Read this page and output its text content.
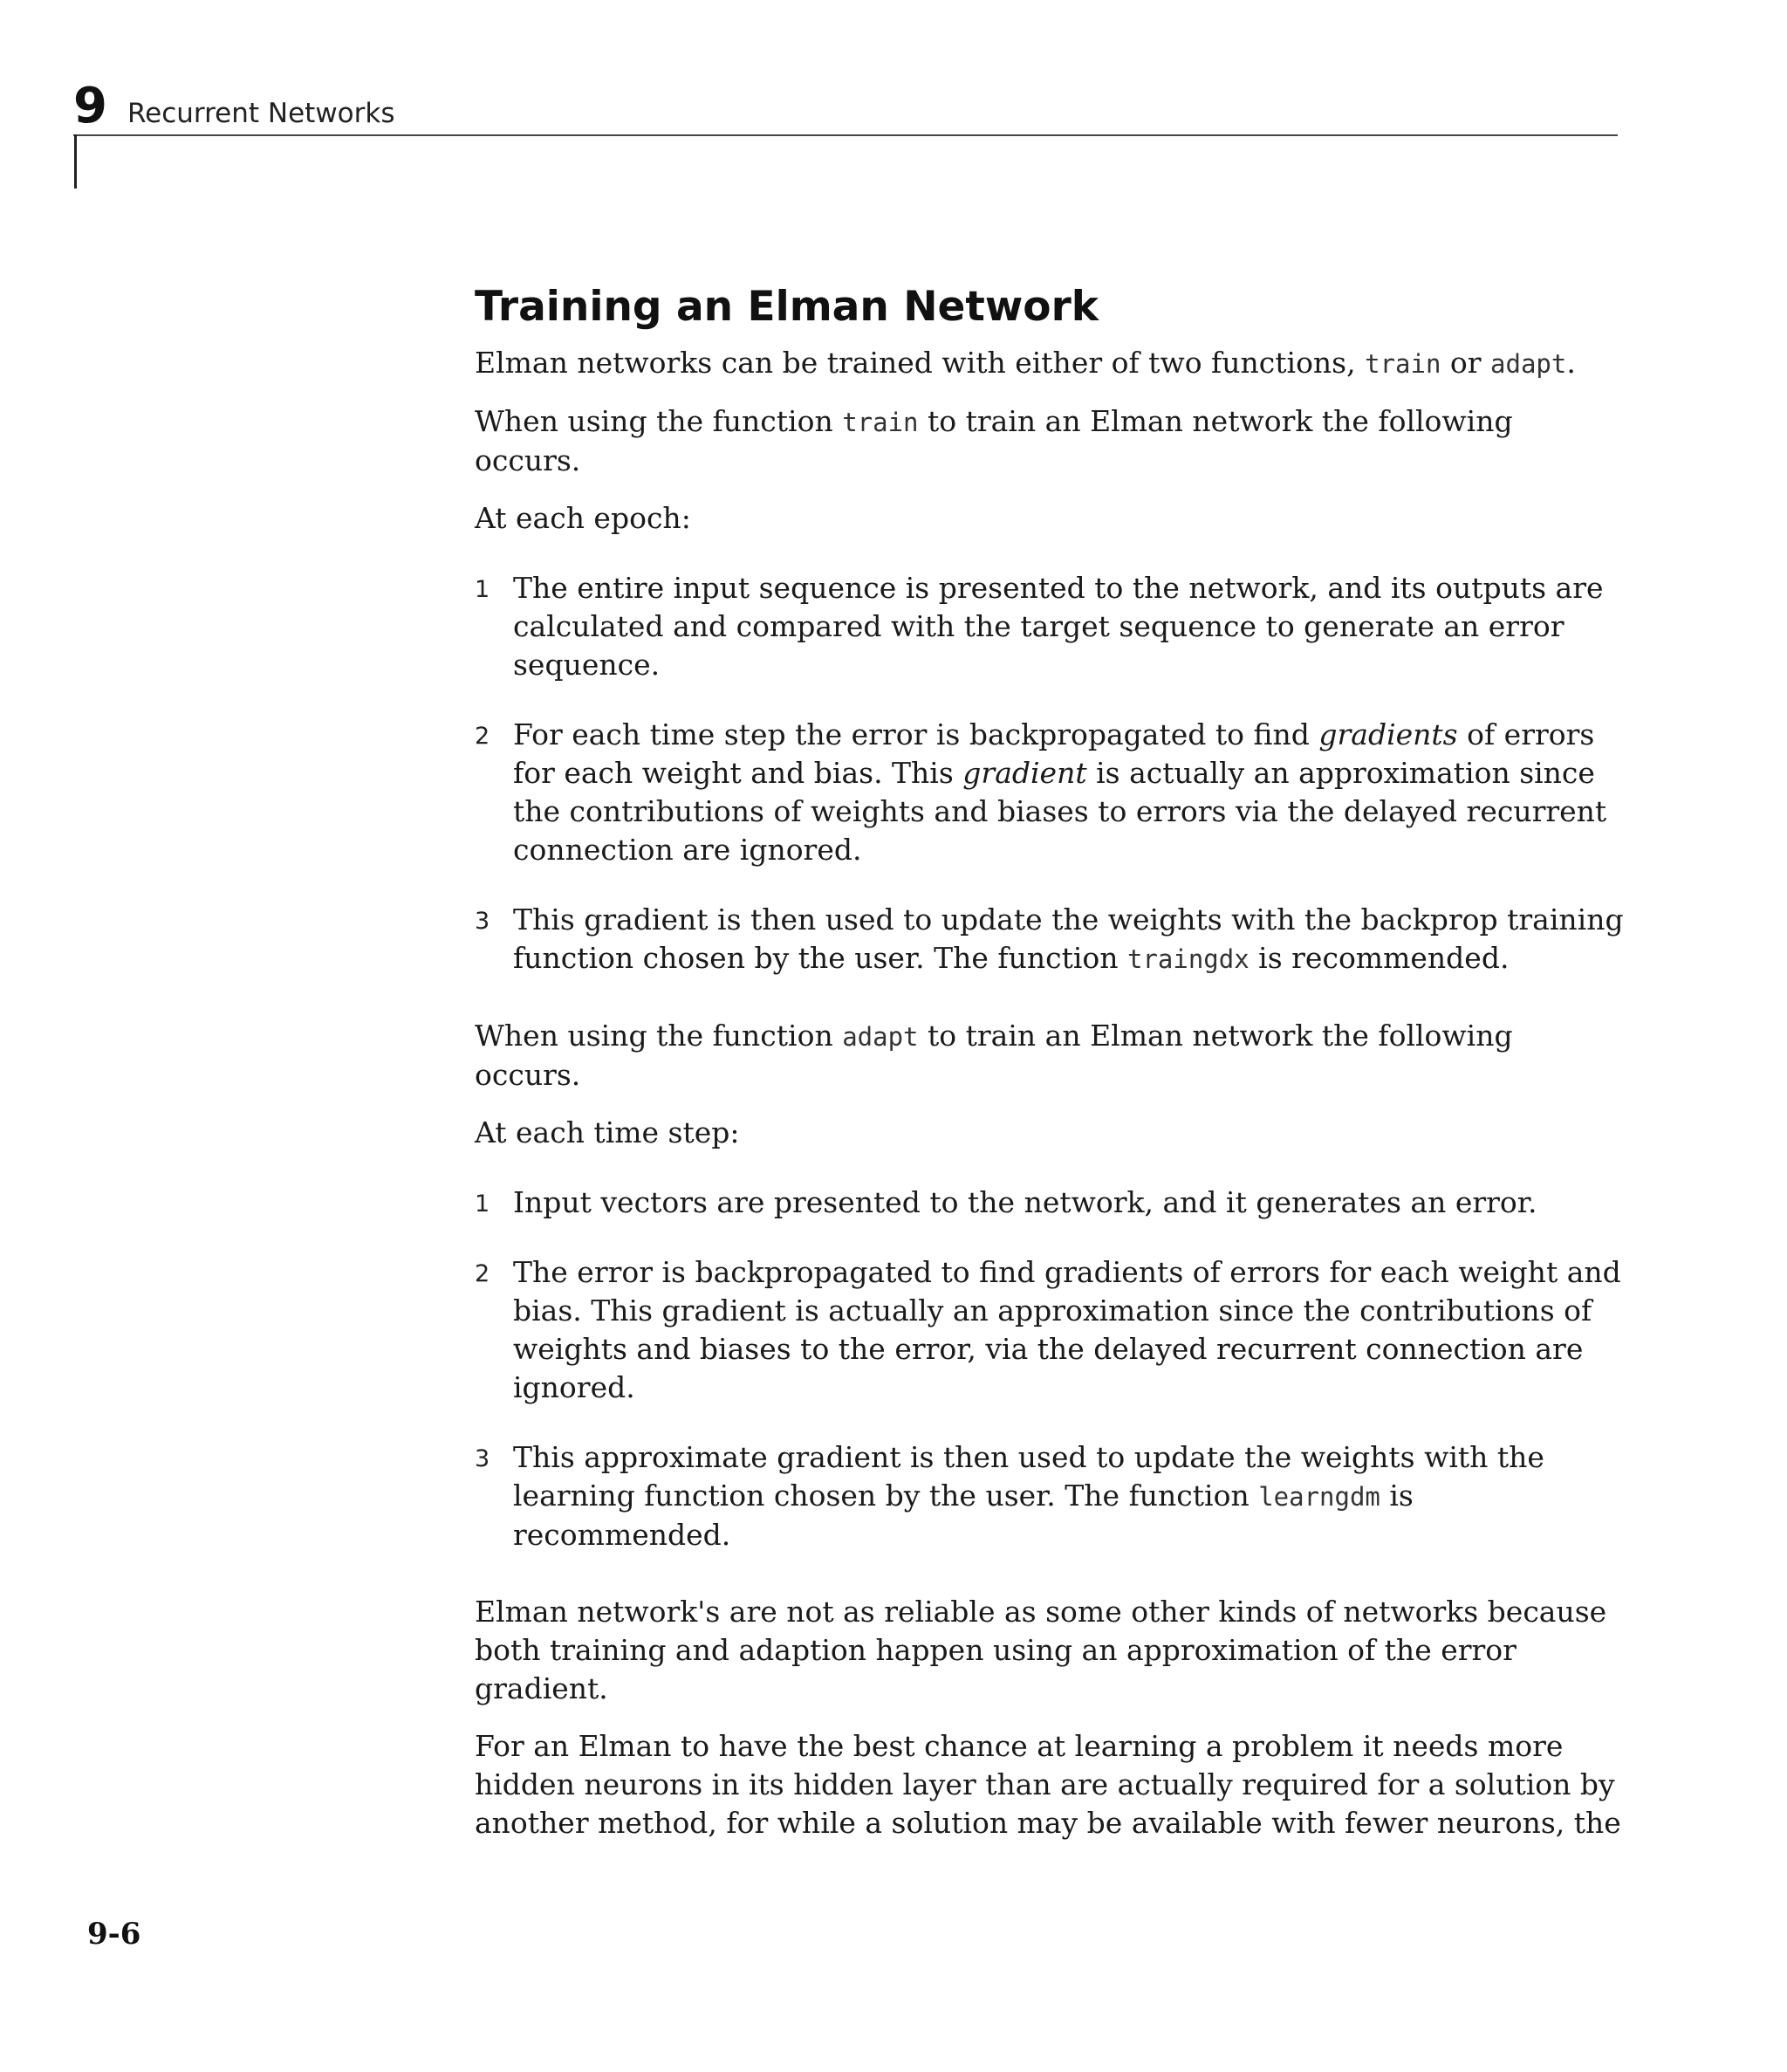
9 Recurrent Networks
Training an Elman Network

Elman networks can be trained with either of two functions, train or adapt.

When using the function train to train an Elman network the following occurs.

At each epoch:

1 The entire input sequence is presented to the network, and its outputs are calculated and compared with the target sequence to generate an error sequence.
2 For each time step the error is backpropagated to find gradients of errors for each weight and bias. This gradient is actually an approximation since the contributions of weights and biases to errors via the delayed recurrent connection are ignored.
3 This gradient is then used to update the weights with the backprop training function chosen by the user. The function traingdx is recommended.

When using the function adapt to train an Elman network the following occurs.

At each time step:

1 Input vectors are presented to the network, and it generates an error.
2 The error is backpropagated to find gradients of errors for each weight and bias. This gradient is actually an approximation since the contributions of weights and biases to the error, via the delayed recurrent connection are ignored.
3 This approximate gradient is then used to update the weights with the learning function chosen by the user. The function learngdm is recommended.

Elman network's are not as reliable as some other kinds of networks because both training and adaption happen using an approximation of the error gradient.

For an Elman to have the best chance at learning a problem it needs more hidden neurons in its hidden layer than are actually required for a solution by another method, for while a solution may be available with fewer neurons, the

9-6
